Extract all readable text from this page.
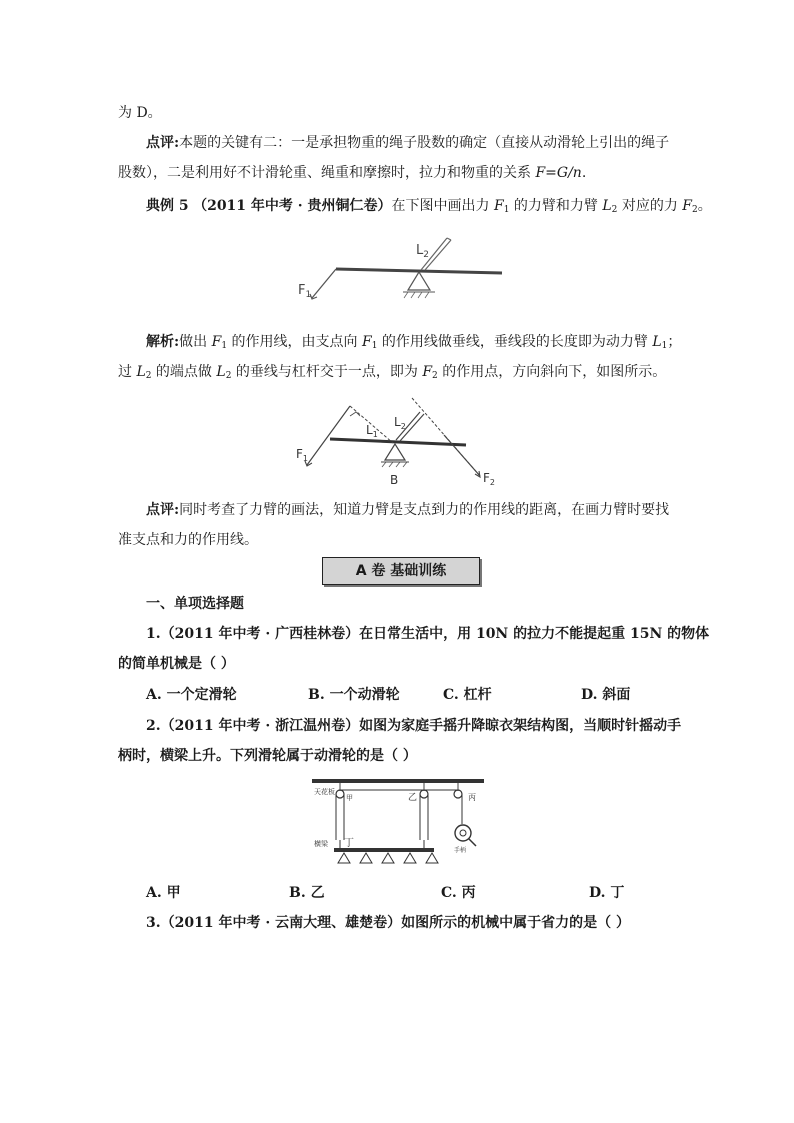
为 D。
点评:本题的关键有二：一是承担物重的绳子股数的确定（直接从动滑轮上引出的绳子
股数），二是利用好不计滑轮重、绳重和摩擦时，拉力和物重的关系 F=G/n.
典例 5 （2011 年中考 · 贵州铜仁卷）在下图中画出力 $F_1$ 的力臂和力臂 $L_2$ 对应的力 $F_2$。
$L_2$
$F_1$
解析:做出 $F_1$ 的作用线，由支点向 $F_1$ 的作用线做垂线，垂线段的长度即为动力臂 $L_1$；
过 $L_2$ 的端点做 $L_2$ 的垂线与杠杆交于一点，即为 $F_2$ 的作用点，方向斜向下，如图所示。
$F_1$
$L_1$
$L_2$
B	$F_2$
点评:同时考查了力臂的画法，知道力臂是支点到力的作用线的距离，在画力臂时要找
准支点和力的作用线。
A 卷 基础训练
一、单项选择题
1.（2011 年中考 · 广西桂林卷）在日常生活中，用 10N 的拉力不能提起重 15N 的物体
的简单机械是（ ）
A. 一个定滑轮	B. 一个动滑轮	C. 杠杆	D. 斜面
2.（2011 年中考 · 浙江温州卷）如图为家庭手摇升降晾衣架结构图，当顺时针摇动手
柄时，横梁上升。下列滑轮属于动滑轮的是（ ）
天花板
甲	乙	丙
丁
横梁
手柄
A. 甲	B. 乙	C. 丙	D. 丁
3.（2011 年中考 · 云南大理、雄楚卷）如图所示的机械中属于省力的是（ ）
